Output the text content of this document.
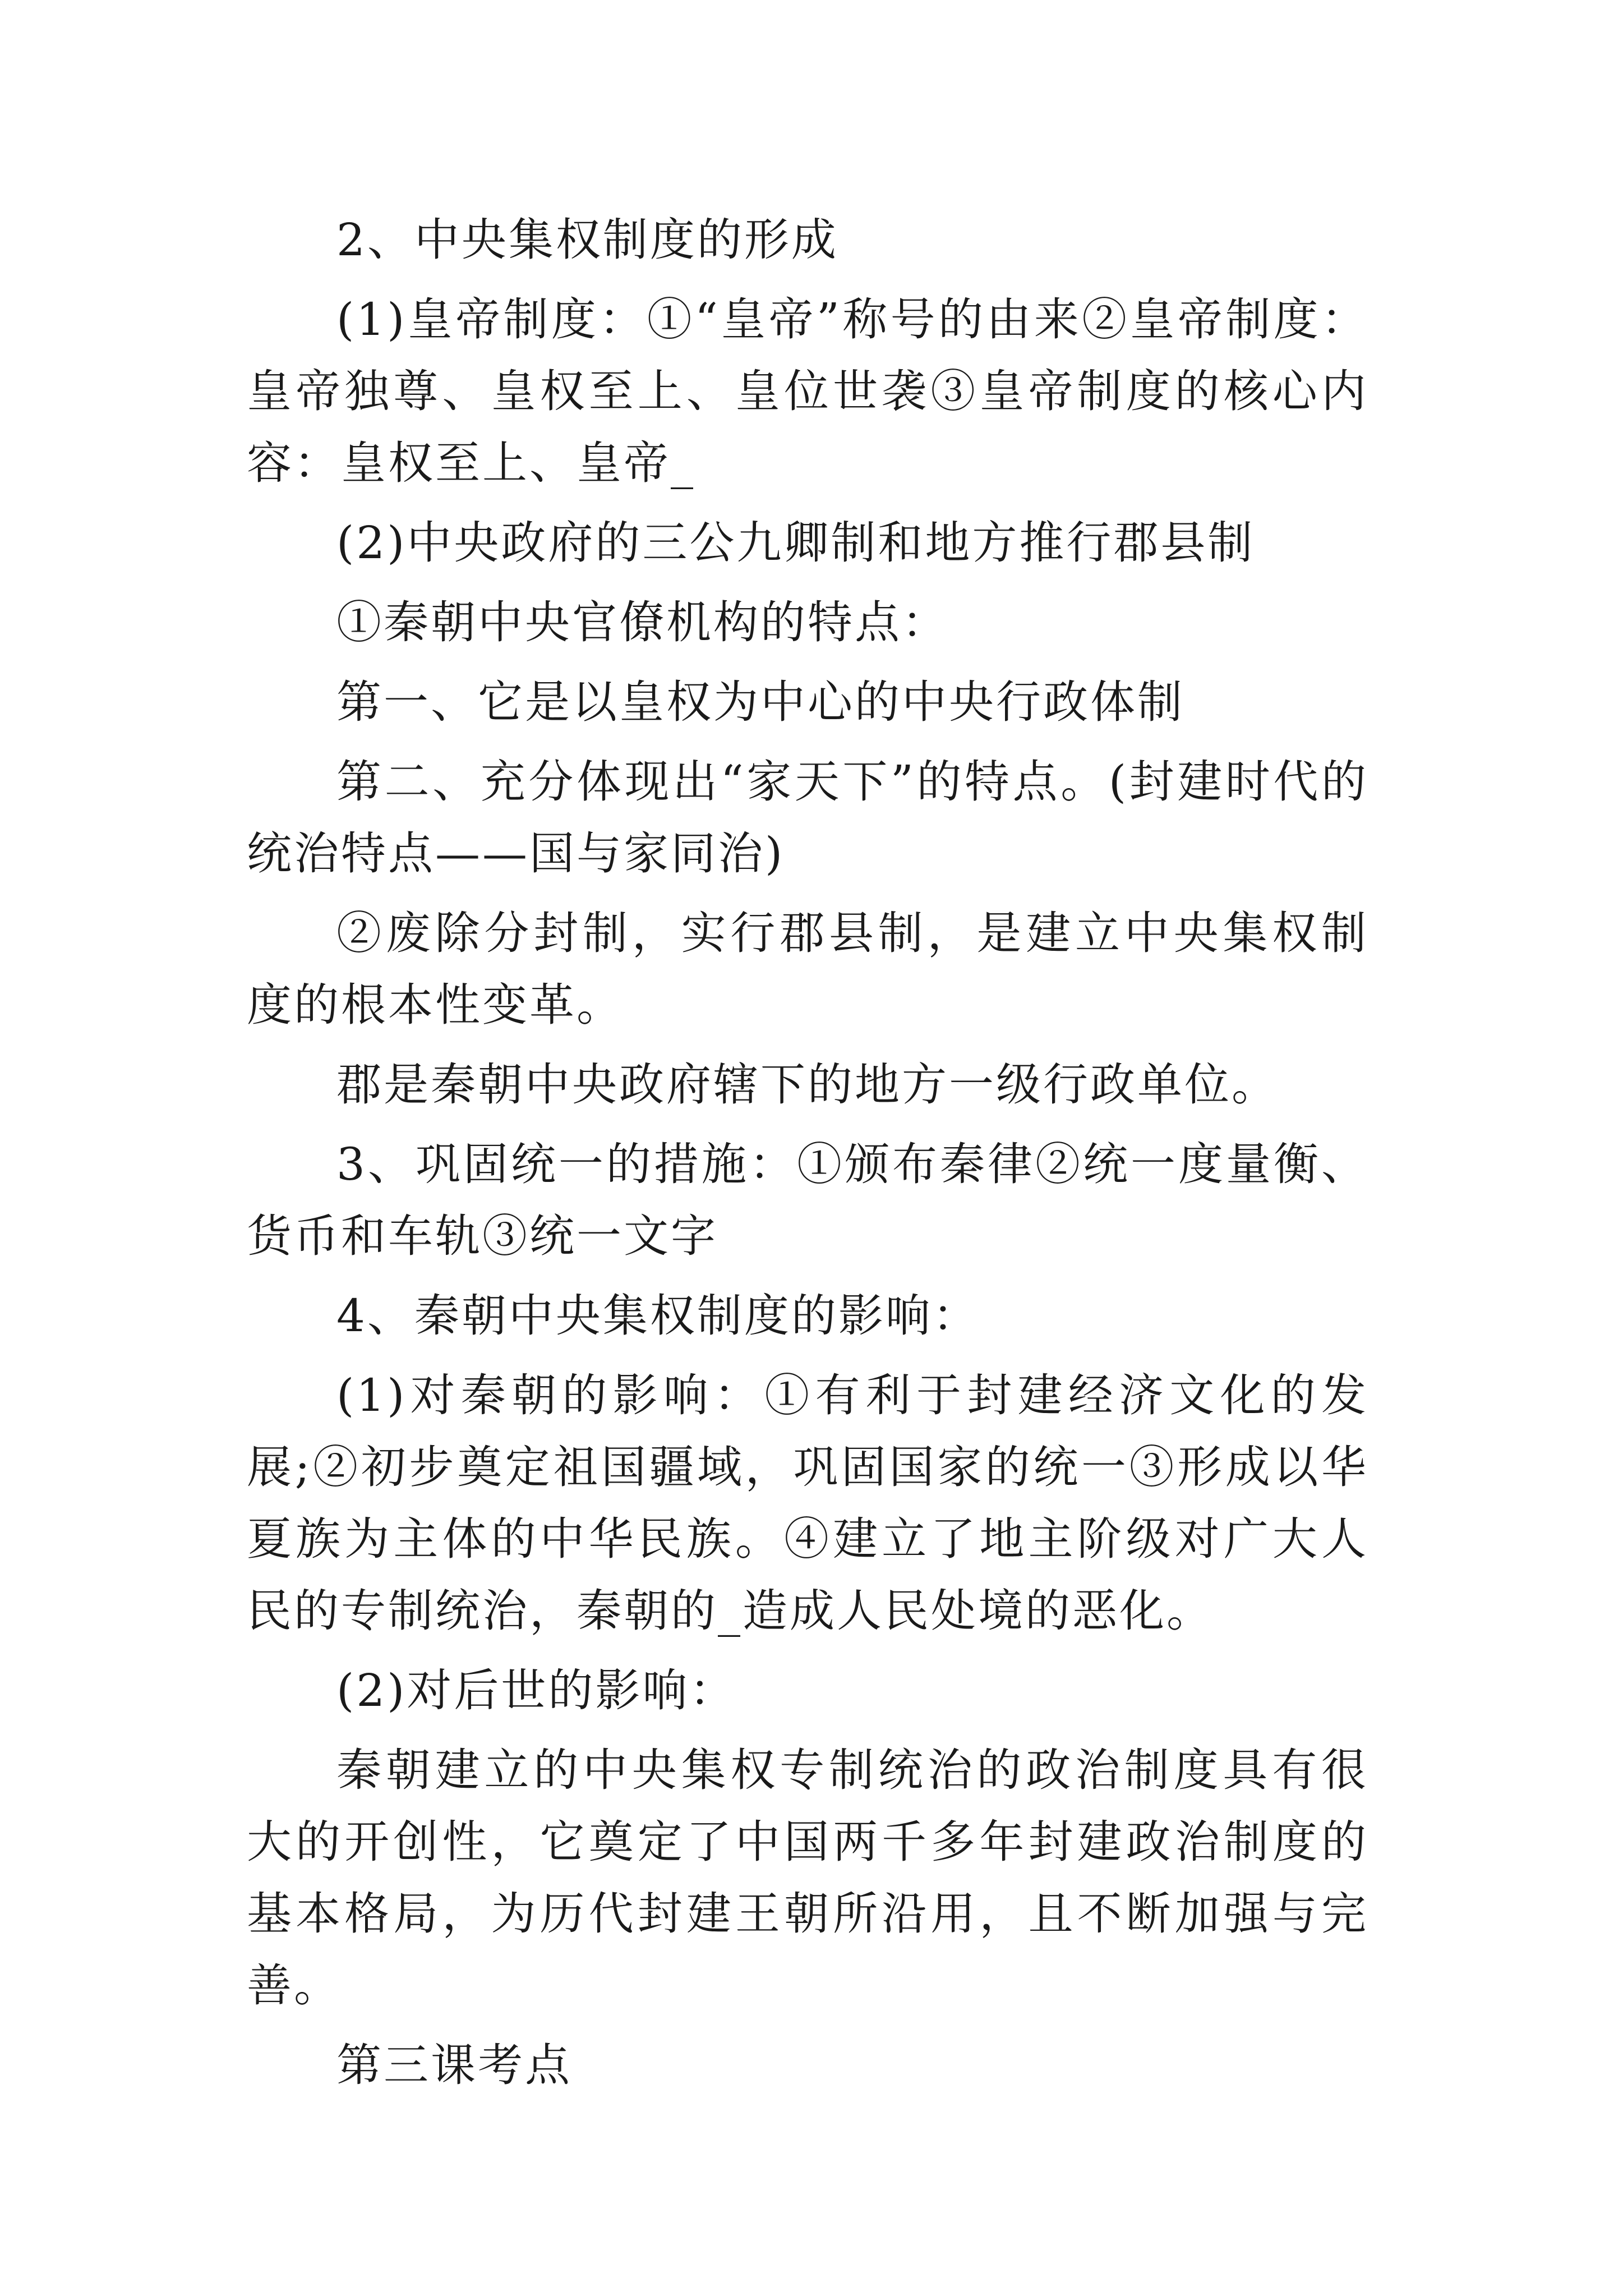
2、中央集权制度的形成

(1)皇帝制度：①“皇帝”称号的由来②皇帝制度：皇帝独尊、皇权至上、皇位世袭③皇帝制度的核心内容：皇权至上、皇帝_

(2)中央政府的三公九卿制和地方推行郡县制

①秦朝中央官僚机构的特点：

第一、它是以皇权为中心的中央行政体制

第二、充分体现出“家天下”的特点。(封建时代的统治特点——国与家同治)

②废除分封制，实行郡县制，是建立中央集权制度的根本性变革。

郡是秦朝中央政府辖下的地方一级行政单位。

3、巩固统一的措施：①颁布秦律②统一度量衡、货币和车轨③统一文字

4、秦朝中央集权制度的影响：

(1)对秦朝的影响：①有利于封建经济文化的发展;②初步奠定祖国疆域，巩固国家的统一③形成以华夏族为主体的中华民族。④建立了地主阶级对广大人民的专制统治，秦朝的_造成人民处境的恶化。

(2)对后世的影响：

秦朝建立的中央集权专制统治的政治制度具有很大的开创性，它奠定了中国两千多年封建政治制度的基本格局，为历代封建王朝所沿用，且不断加强与完善。

第三课考点
